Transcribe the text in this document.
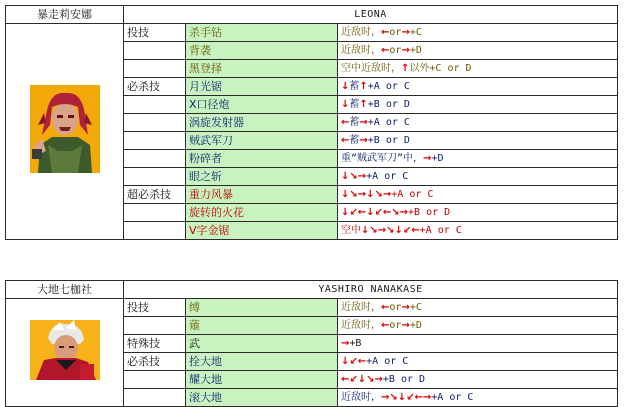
暴走莉安娜	LEONA		
	投技	杀手钻	近敌时，←or→+C
		背袭	近敌时，←or→+D
		黑登择	空中近敌时，↑以外+C or D
	必杀技	月光锯	↓蓄↑+A or C
		X口径炮	↓蓄↑+B or D
		涡旋发射器	←蓄→+A or C
		贼武军刀	←蓄→+B or D
		粉碎者	重“贼武军刀”中，→+D
		眼之斩	↓↘→+A or C
	超必杀技	重力风暴	↓↘→↓↘→+A or C
		旋转的火花	↓↙←↓↙←↘→+B or D
		V字金锯	空中↓↘→↘↓↙←+A or C
大地七枷社	YASHIRO NANAKASE		
	投技	缚	近敌时，←or→+C
		薙	近敌时，←or→+D
	特殊技	武	→+B
	必杀技	拴大地	↓↙←+A or C
		耀大地	←↙↓↘→+B or D
		滚大地	近敌时，→↘↓↙←→+A or C
